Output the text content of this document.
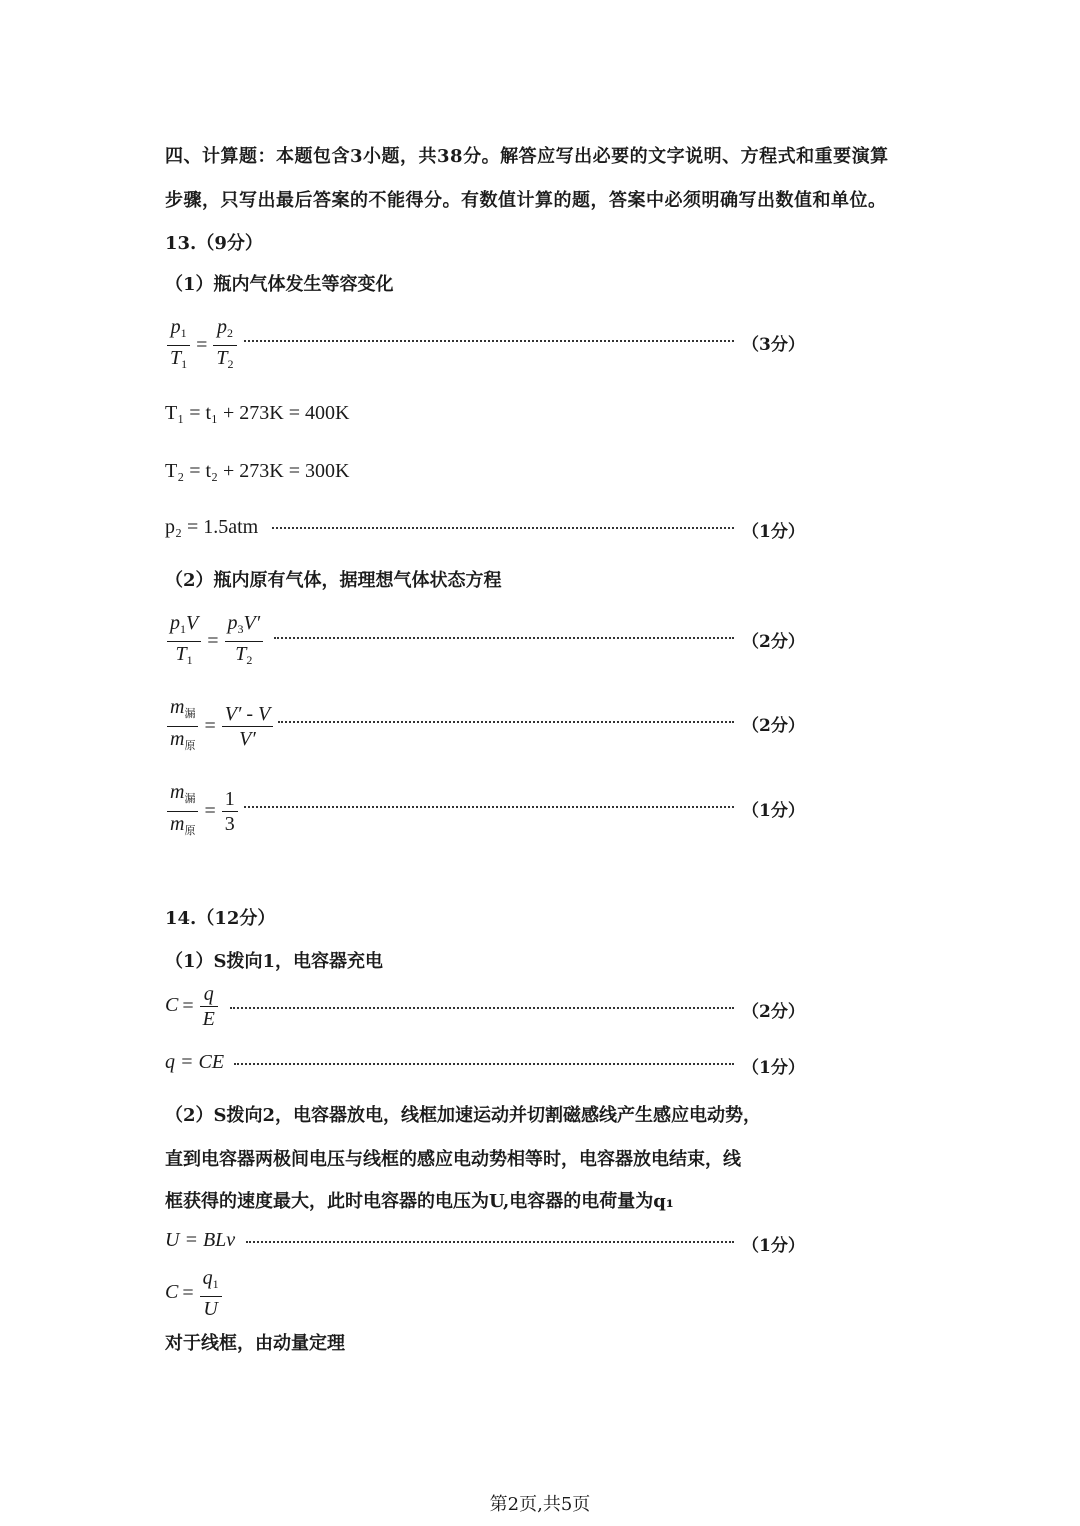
四、计算题：本题包含3小题，共38分。解答应写出必要的文字说明、方程式和重要演算
步骤，只写出最后答案的不能得分。有数值计算的题，答案中必须明确写出数值和单位。
13.（9分）
（1）瓶内气体发生等容变化
$\frac{p_1}{T_1} = \frac{p_2}{T_2}$	（3分）
T₁ = t₁ + 273K = 400K
T₂ = t₂ + 273K = 300K
p₂ = 1.5atm	（1分）
（2）瓶内原有气体，据理想气体状态方程
$\frac{p_1V}{T_1} = \frac{p_3V'}{T_2}$	（2分）
$\frac{m_漏}{m_原} = \frac{V' - V}{V'}$	（2分）
$\frac{m_漏}{m_原} = \frac{1}{3}$	（1分）
14.（12分）
（1）S拨向1，电容器充电
$C = \frac{q}{E}$	（2分）
q = CE	（1分）
（2）S拨向2，电容器放电，线框加速运动并切割磁感线产生感应电动势，
直到电容器两极间电压与线框的感应电动势相等时，电容器放电结束，线
框获得的速度最大，此时电容器的电压为U,电容器的电荷量为q₁
U = BLv	（1分）
$C = \frac{q_1}{U}$
对于线框，由动量定理
第2页,共5页
